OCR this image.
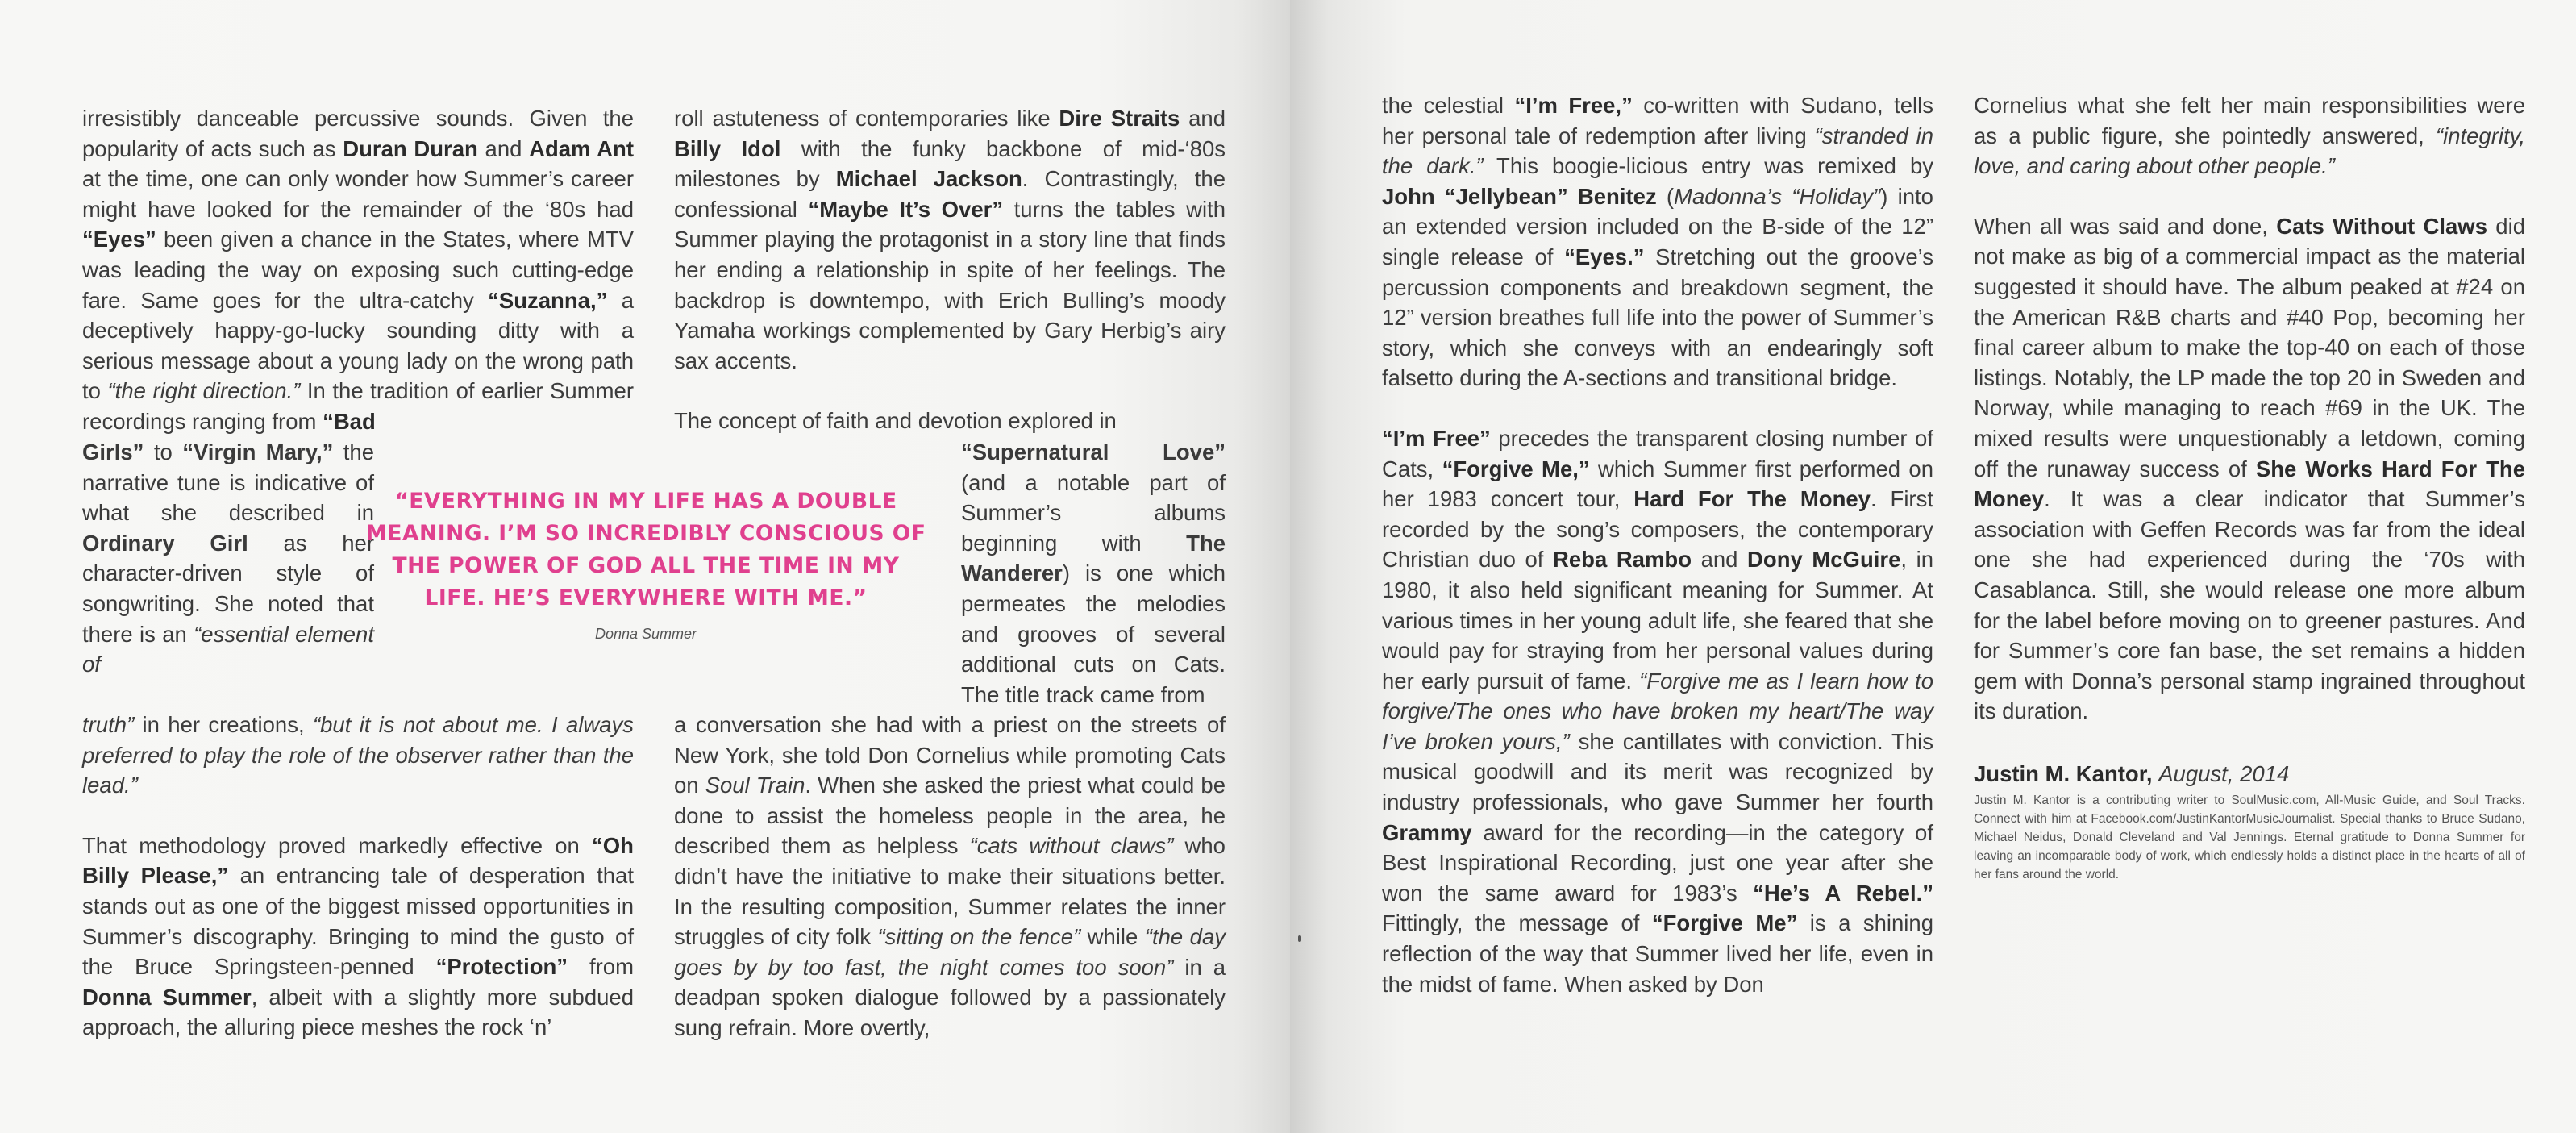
irresistibly danceable percussive sounds. Given the popularity of acts such as Duran Duran and Adam Ant at the time, one can only wonder how Summer’s career might have looked for the remainder of the ‘80s had “Eyes” been given a chance in the States, where MTV was leading the way on exposing such cutting-edge fare. Same goes for the ultra-catchy “Suzanna,” a deceptively happy-go-lucky sounding ditty with a serious message about a young lady on the wrong path to “the right direction.” In the tradition of earlier Summer recordings ranging from “Bad

Girls” to “Virgin Mary,” the narrative tune is indicative of what she described in Ordinary Girl as her character-driven style of songwriting. She noted that there is an “essential element of

truth” in her creations, “but it is not about me. I always preferred to play the role of the observer rather than the lead.”

That methodology proved markedly effective on “Oh Billy Please,” an entrancing tale of desperation that stands out as one of the biggest missed opportunities in Summer’s discography. Bringing to mind the gusto of the Bruce Springsteen-penned “Protection” from Donna Summer, albeit with a slightly more subdued approach, the alluring piece meshes the rock ‘n’

roll astuteness of contemporaries like Dire Straits and Billy Idol with the funky backbone of mid-‘80s milestones by Michael Jackson. Contrastingly, the confessional “Maybe It’s Over” turns the tables with Summer playing the protagonist in a story line that finds her ending a relationship in spite of her feelings. The backdrop is downtempo, with Erich Bulling’s moody Yamaha workings complemented by Gary Herbig’s airy sax accents.

The concept of faith and devotion explored in

“Supernatural Love” (and a notable part of Summer’s albums beginning with The Wanderer) is one which permeates the melodies and grooves of several additional cuts on Cats. The title track came from

a conversation she had with a priest on the streets of New York, she told Don Cornelius while promoting Cats on Soul Train. When she asked the priest what could be done to assist the homeless people in the area, he described them as helpless “cats without claws” who didn’t have the initiative to make their situations better. In the resulting composition, Summer relates the inner struggles of city folk “sitting on the fence” while “the day goes by by too fast, the night comes too soon” in a deadpan spoken dialogue followed by a passionately sung refrain. More overtly,

“EVERYTHING IN MY LIFE HAS A DOUBLE MEANING. I’M SO INCREDIBLY CONSCIOUS OF THE POWER OF GOD ALL THE TIME IN MY LIFE. HE’S EVERYWHERE WITH ME.”
Donna Summer

the celestial “I’m Free,” co-written with Sudano, tells her personal tale of redemption after living “stranded in the dark.” This boogie-licious entry was remixed by John “Jellybean” Benitez (Madonna’s “Holiday”) into an extended version included on the B-side of the 12” single release of “Eyes.” Stretching out the groove’s percussion components and breakdown segment, the 12” version breathes full life into the power of Summer’s story, which she conveys with an endearingly soft falsetto during the A-sections and transitional bridge.

“I’m Free” precedes the transparent closing number of Cats, “Forgive Me,” which Summer first performed on her 1983 concert tour, Hard For The Money. First recorded by the song’s composers, the contemporary Christian duo of Reba Rambo and Dony McGuire, in 1980, it also held significant meaning for Summer. At various times in her young adult life, she feared that she would pay for straying from her personal values during her early pursuit of fame. “Forgive me as I learn how to forgive/The ones who have broken my heart/The way I’ve broken yours,” she cantillates with conviction. This musical goodwill and its merit was recognized by industry professionals, who gave Summer her fourth Grammy award for the recording—in the category of Best Inspirational Recording, just one year after she won the same award for 1983’s “He’s A Rebel.” Fittingly, the message of “Forgive Me” is a shining reflection of the way that Summer lived her life, even in the midst of fame. When asked by Don

Cornelius what she felt her main responsibilities were as a public figure, she pointedly answered, “integrity, love, and caring about other people.”

When all was said and done, Cats Without Claws did not make as big of a commercial impact as the material suggested it should have. The album peaked at #24 on the American R&B charts and #40 Pop, becoming her final career album to make the top-40 on each of those listings. Notably, the LP made the top 20 in Sweden and Norway, while managing to reach #69 in the UK. The mixed results were unquestionably a letdown, coming off the runaway success of She Works Hard For The Money. It was a clear indicator that Summer’s association with Geffen Records was far from the ideal one she had experienced during the ‘70s with Casablanca. Still, she would release one more album for the label before moving on to greener pastures. And for Summer’s core fan base, the set remains a hidden gem with Donna’s personal stamp ingrained throughout its duration.

Justin M. Kantor, August, 2014
Justin M. Kantor is a contributing writer to SoulMusic.com, All-Music Guide, and Soul Tracks. Connect with him at Facebook.com/JustinKantorMusicJournalist. Special thanks to Bruce Sudano, Michael Neidus, Donald Cleveland and Val Jennings. Eternal gratitude to Donna Summer for leaving an incomparable body of work, which endlessly holds a distinct place in the hearts of all of her fans around the world.
